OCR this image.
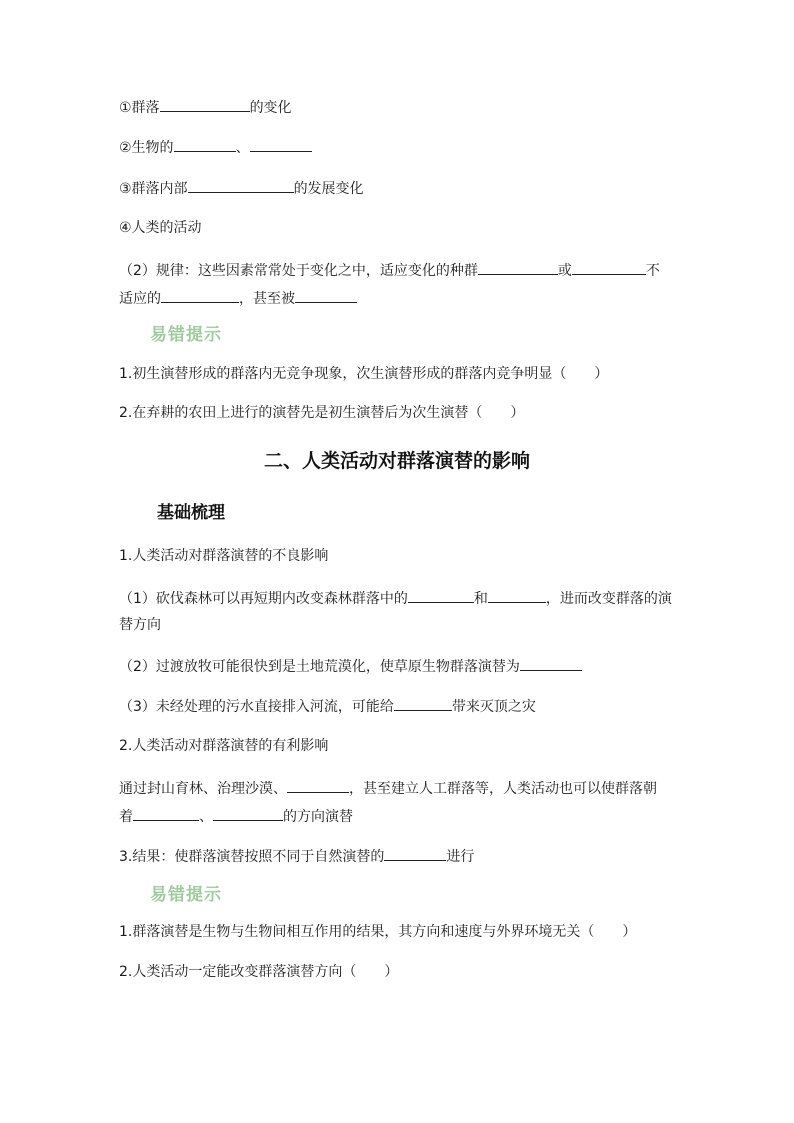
①群落	的变化
②生物的	、
③群落内部	的发展变化
④人类的活动
（2）规律：这些因素常常处于变化之中，适应变化的种群	或	不
适应的	，甚至被
易错提示
1.初生演替形成的群落内无竞争现象，次生演替形成的群落内竞争明显（ ）
2.在弃耕的农田上进行的演替先是初生演替后为次生演替（ ）
二、人类活动对群落演替的影响
基础梳理
1.人类活动对群落演替的不良影响
（1）砍伐森林可以再短期内改变森林群落中的	和	，进而改变群落的演
替方向
（2）过渡放牧可能很快到是土地荒漠化，使草原生物群落演替为
（3）未经处理的污水直接排入河流，可能给	带来灭顶之灾
2.人类活动对群落演替的有利影响
通过封山育林、治理沙漠、	，甚至建立人工群落等，人类活动也可以使群落朝
着	、	的方向演替
3.结果：使群落演替按照不同于自然演替的	进行
易错提示
1.群落演替是生物与生物间相互作用的结果，其方向和速度与外界环境无关（ ）
2.人类活动一定能改变群落演替方向（ ）
